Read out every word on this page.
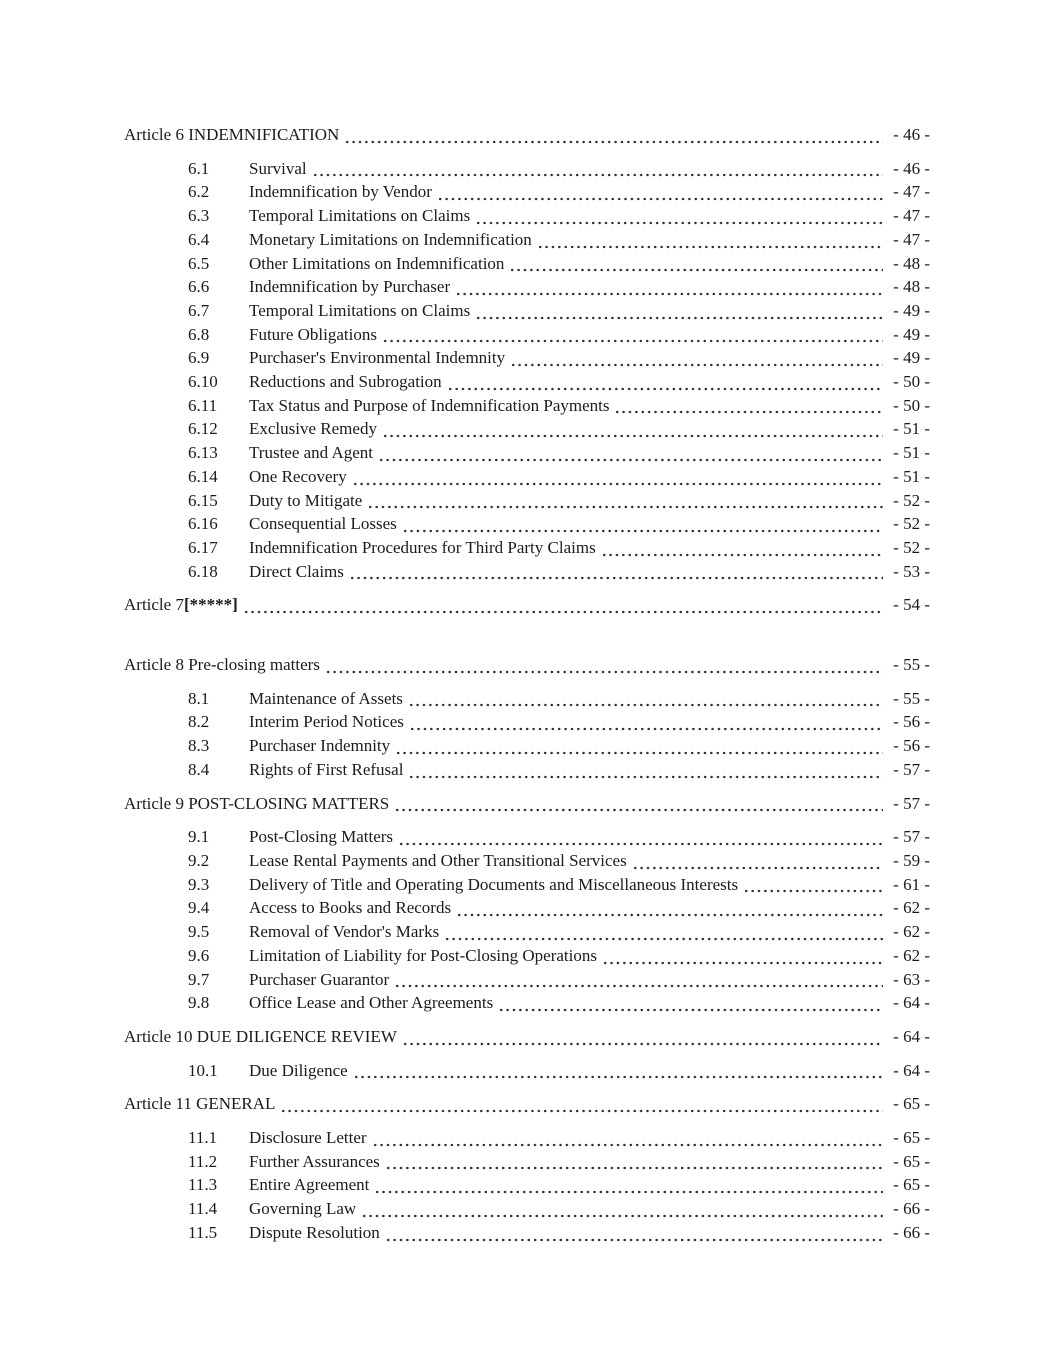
Article 6 INDEMNIFICATION	- 46 -
6.1	Survival	- 46 -
6.2	Indemnification by Vendor	- 47 -
6.3	Temporal Limitations on Claims	- 47 -
6.4	Monetary Limitations on Indemnification	- 47 -
6.5	Other Limitations on Indemnification	- 48 -
6.6	Indemnification by Purchaser	- 48 -
6.7	Temporal Limitations on Claims	- 49 -
6.8	Future Obligations	- 49 -
6.9	Purchaser's Environmental Indemnity	- 49 -
6.10	Reductions and Subrogation	- 50 -
6.11	Tax Status and Purpose of Indemnification Payments	- 50 -
6.12	Exclusive Remedy	- 51 -
6.13	Trustee and Agent	- 51 -
6.14	One Recovery	- 51 -
6.15	Duty to Mitigate	- 52 -
6.16	Consequential Losses	- 52 -
6.17	Indemnification Procedures for Third Party Claims	- 52 -
6.18	Direct Claims	- 53 -
Article 7 [*****]	- 54 -
Article 8 Pre-closing matters	- 55 -
8.1	Maintenance of Assets	- 55 -
8.2	Interim Period Notices	- 56 -
8.3	Purchaser Indemnity	- 56 -
8.4	Rights of First Refusal	- 57 -
Article 9 POST-CLOSING MATTERS	- 57 -
9.1	Post-Closing Matters	- 57 -
9.2	Lease Rental Payments and Other Transitional Services	- 59 -
9.3	Delivery of Title and Operating Documents and Miscellaneous Interests	- 61 -
9.4	Access to Books and Records	- 62 -
9.5	Removal of Vendor's Marks	- 62 -
9.6	Limitation of Liability for Post-Closing Operations	- 62 -
9.7	Purchaser Guarantor	- 63 -
9.8	Office Lease and Other Agreements	- 64 -
Article 10 DUE DILIGENCE REVIEW	- 64 -
10.1	Due Diligence	- 64 -
Article 11 GENERAL	- 65 -
11.1	Disclosure Letter	- 65 -
11.2	Further Assurances	- 65 -
11.3	Entire Agreement	- 65 -
11.4	Governing Law	- 66 -
11.5	Dispute Resolution	- 66 -
